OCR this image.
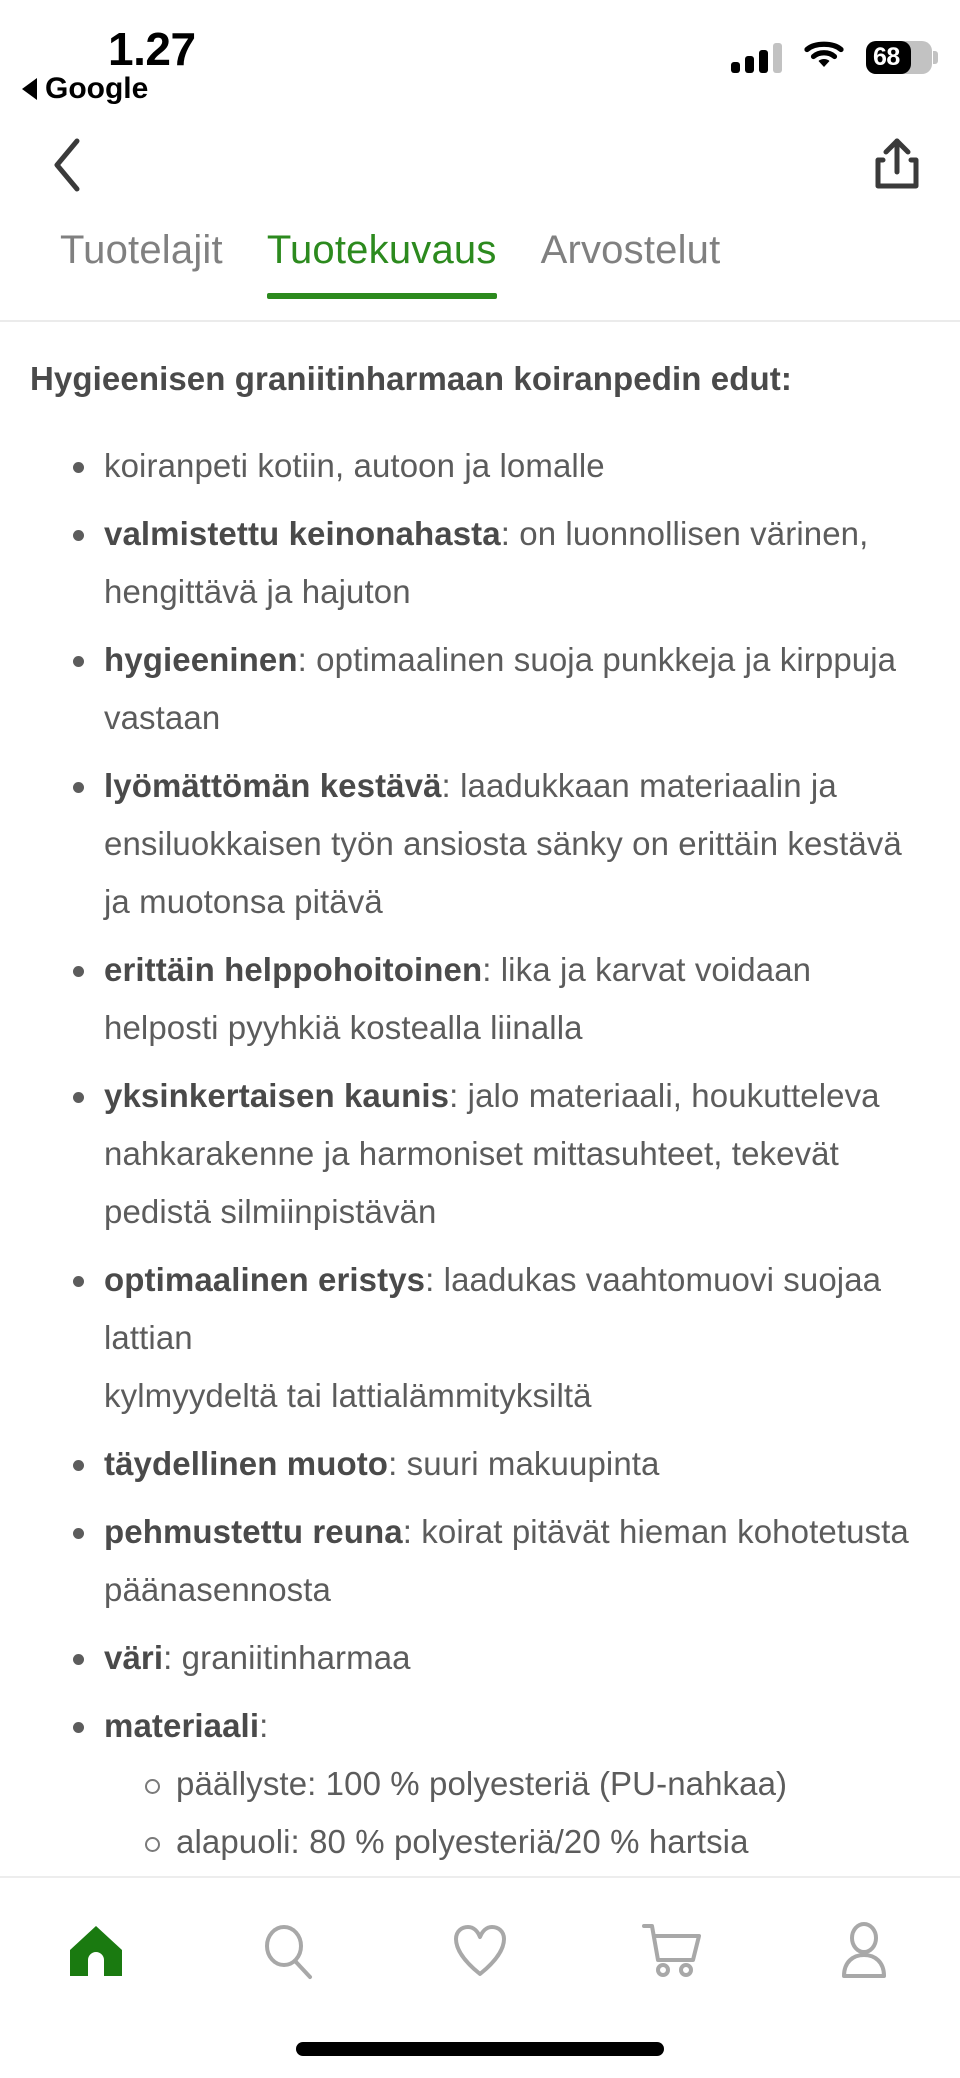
1.27
Google
68
Tuotelajit	Tuotekuvaus	Arvostelut
Hygieenisen graniitinharmaan koiranpedin edut:
koiranpeti kotiin, autoon ja lomalle
valmistettu keinonahasta: on luonnollisen värinen, hengittävä ja hajuton
hygieeninen: optimaalinen suoja punkkeja ja kirppuja vastaan
lyömättömän kestävä: laadukkaan materiaalin ja ensiluokkaisen työn ansiosta sänky on erittäin kestävä ja muotonsa pitävä
erittäin helppohoitoinen: lika ja karvat voidaan helposti pyyhkiä kostealla liinalla
yksinkertaisen kaunis: jalo materiaali, houkutteleva nahkarakenne ja harmoniset mittasuhteet, tekevät pedistä silmiinpistävän
optimaalinen eristys: laadukas vaahtomuovi suojaa lattian
kylmyydeltä tai lattialämmityksiltä
täydellinen muoto: suuri makuupinta
pehmustettu reuna: koirat pitävät hieman kohotetusta päänasennosta
väri: graniitinharmaa
materiaali:
päällyste: 100 % polyesteriä (PU-nahkaa)
alapuoli: 80 % polyesteriä/20 % hartsia
